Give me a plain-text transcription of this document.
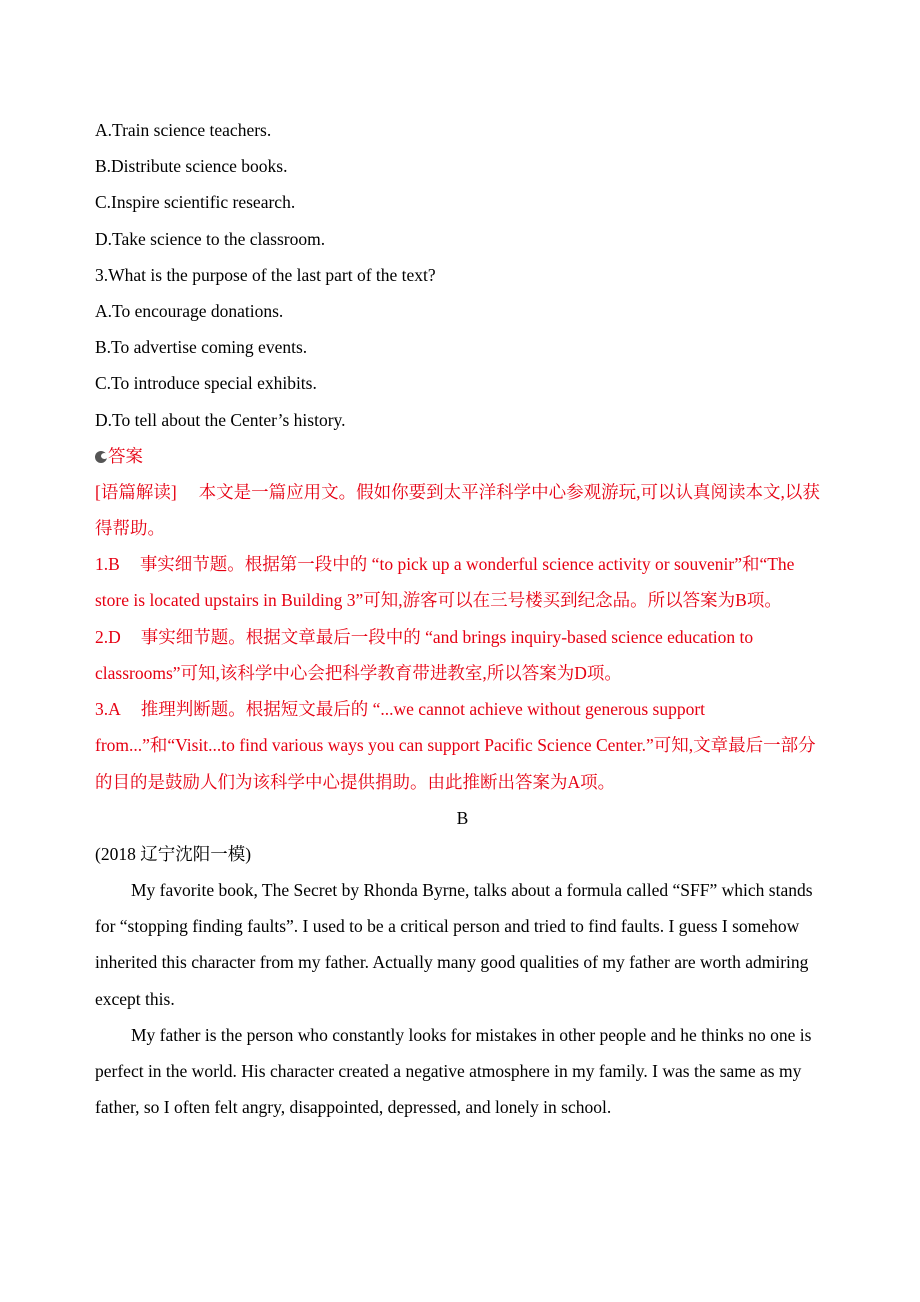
A.Train science teachers.
B.Distribute science books.
C.Inspire scientific research.
D.Take science to the classroom.
3.What is the purpose of the last part of the text?
A.To encourage donations.
B.To advertise coming events.
C.To introduce special exhibits.
D.To tell about the Center’s history.
答案
[语篇解读] 本文是一篇应用文。假如你要到太平洋科学中心参观游玩,可以认真阅读本文,以获得帮助。
1.B 事实细节题。根据第一段中的 “to pick up a wonderful science activity or souvenir”和“The store is located upstairs in Building 3”可知,游客可以在三号楼买到纪念品。所以答案为B项。
2.D 事实细节题。根据文章最后一段中的 “and brings inquiry-based science education to classrooms”可知,该科学中心会把科学教育带进教室,所以答案为D项。
3.A 推理判断题。根据短文最后的 “...we cannot achieve without generous support from...”和“Visit...to find various ways you can support Pacific Science Center.”可知,文章最后一部分的目的是鼓励人们为该科学中心提供捐助。由此推断出答案为A项。
B
(2018 辽宁沈阳一模)
My favorite book, The Secret by Rhonda Byrne, talks about a formula called “SFF” which stands for “stopping finding faults”. I used to be a critical person and tried to find faults. I guess I somehow inherited this character from my father. Actually many good qualities of my father are worth admiring except this.
My father is the person who constantly looks for mistakes in other people and he thinks no one is perfect in the world. His character created a negative atmosphere in my family. I was the same as my father, so I often felt angry, disappointed, depressed, and lonely in school.
